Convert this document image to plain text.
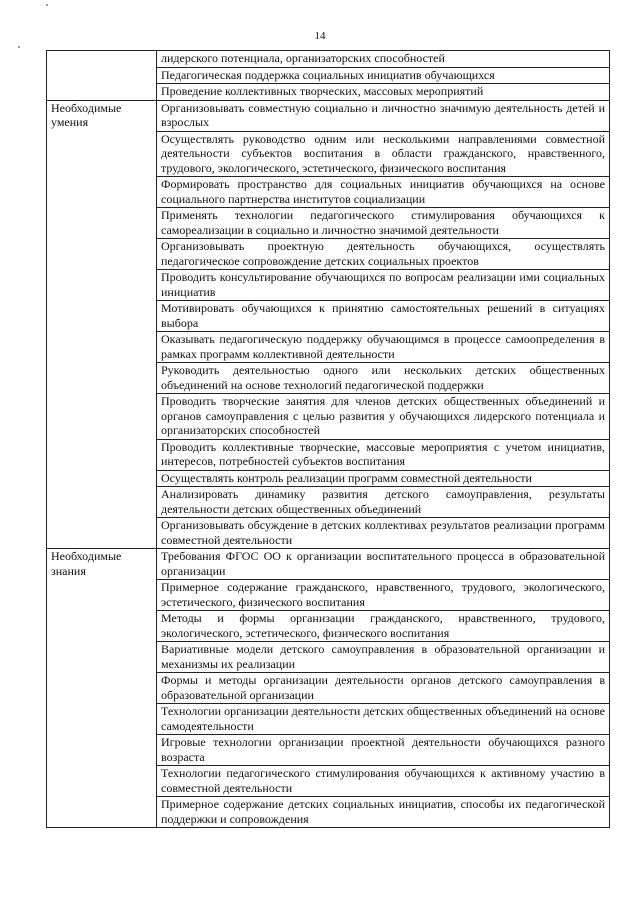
14
	лидерского потенциала, организаторских способностей
	Педагогическая поддержка социальных инициатив обучающихся
	Проведение коллективных творческих, массовых мероприятий

Необходимые
умения	Организовывать совместную социально и личностно значимую деятельность детей и взрослых
	Осуществлять руководство одним или несколькими направлениями совместной деятельности субъектов воспитания в области гражданского, нравственного, трудового, экологического, эстетического, физического воспитания
	Формировать пространство для социальных инициатив обучающихся на основе социального партнерства институтов социализации
	Применять технологии педагогического стимулирования обучающихся к самореализации в социально и личностно значимой деятельности
	Организовывать проектную деятельность обучающихся, осуществлять педагогическое сопровождение детских социальных проектов
	Проводить консультирование обучающихся по вопросам реализации ими социальных инициатив
	Мотивировать обучающихся к принятию самостоятельных решений в ситуациях выбора
	Оказывать педагогическую поддержку обучающимся в процессе самоопределения в рамках программ коллективной деятельности
	Руководить деятельностью одного или нескольких детских общественных объединений на основе технологий педагогической поддержки
	Проводить творческие занятия для членов детских общественных объединений и органов самоуправления с целью развития у обучающихся лидерского потенциала и организаторских способностей
	Проводить коллективные творческие, массовые мероприятия с учетом инициатив, интересов, потребностей субъектов воспитания
	Осуществлять контроль реализации программ совместной деятельности
	Анализировать динамику развития детского самоуправления, результаты деятельности детских общественных объединений
	Организовывать обсуждение в детских коллективах результатов реализации программ совместной деятельности

Необходимые
знания	Требования ФГОС ОО к организации воспитательного процесса в образовательной организации
	Примерное содержание гражданского, нравственного, трудового, экологического, эстетического, физического воспитания
	Методы и формы организации гражданского, нравственного, трудового, экологического, эстетического, физического воспитания
	Вариативные модели детского самоуправления в образовательной организации и механизмы их реализации
	Формы и методы организации деятельности органов детского самоуправления в образовательной организации
	Технологии организации деятельности детских общественных объединений на основе самодеятельности
	Игровые технологии организации проектной деятельности обучающихся разного возраста
	Технологии педагогического стимулирования обучающихся к активному участию в совместной деятельности
	Примерное содержание детских социальных инициатив, способы их педагогической поддержки и сопровождения
